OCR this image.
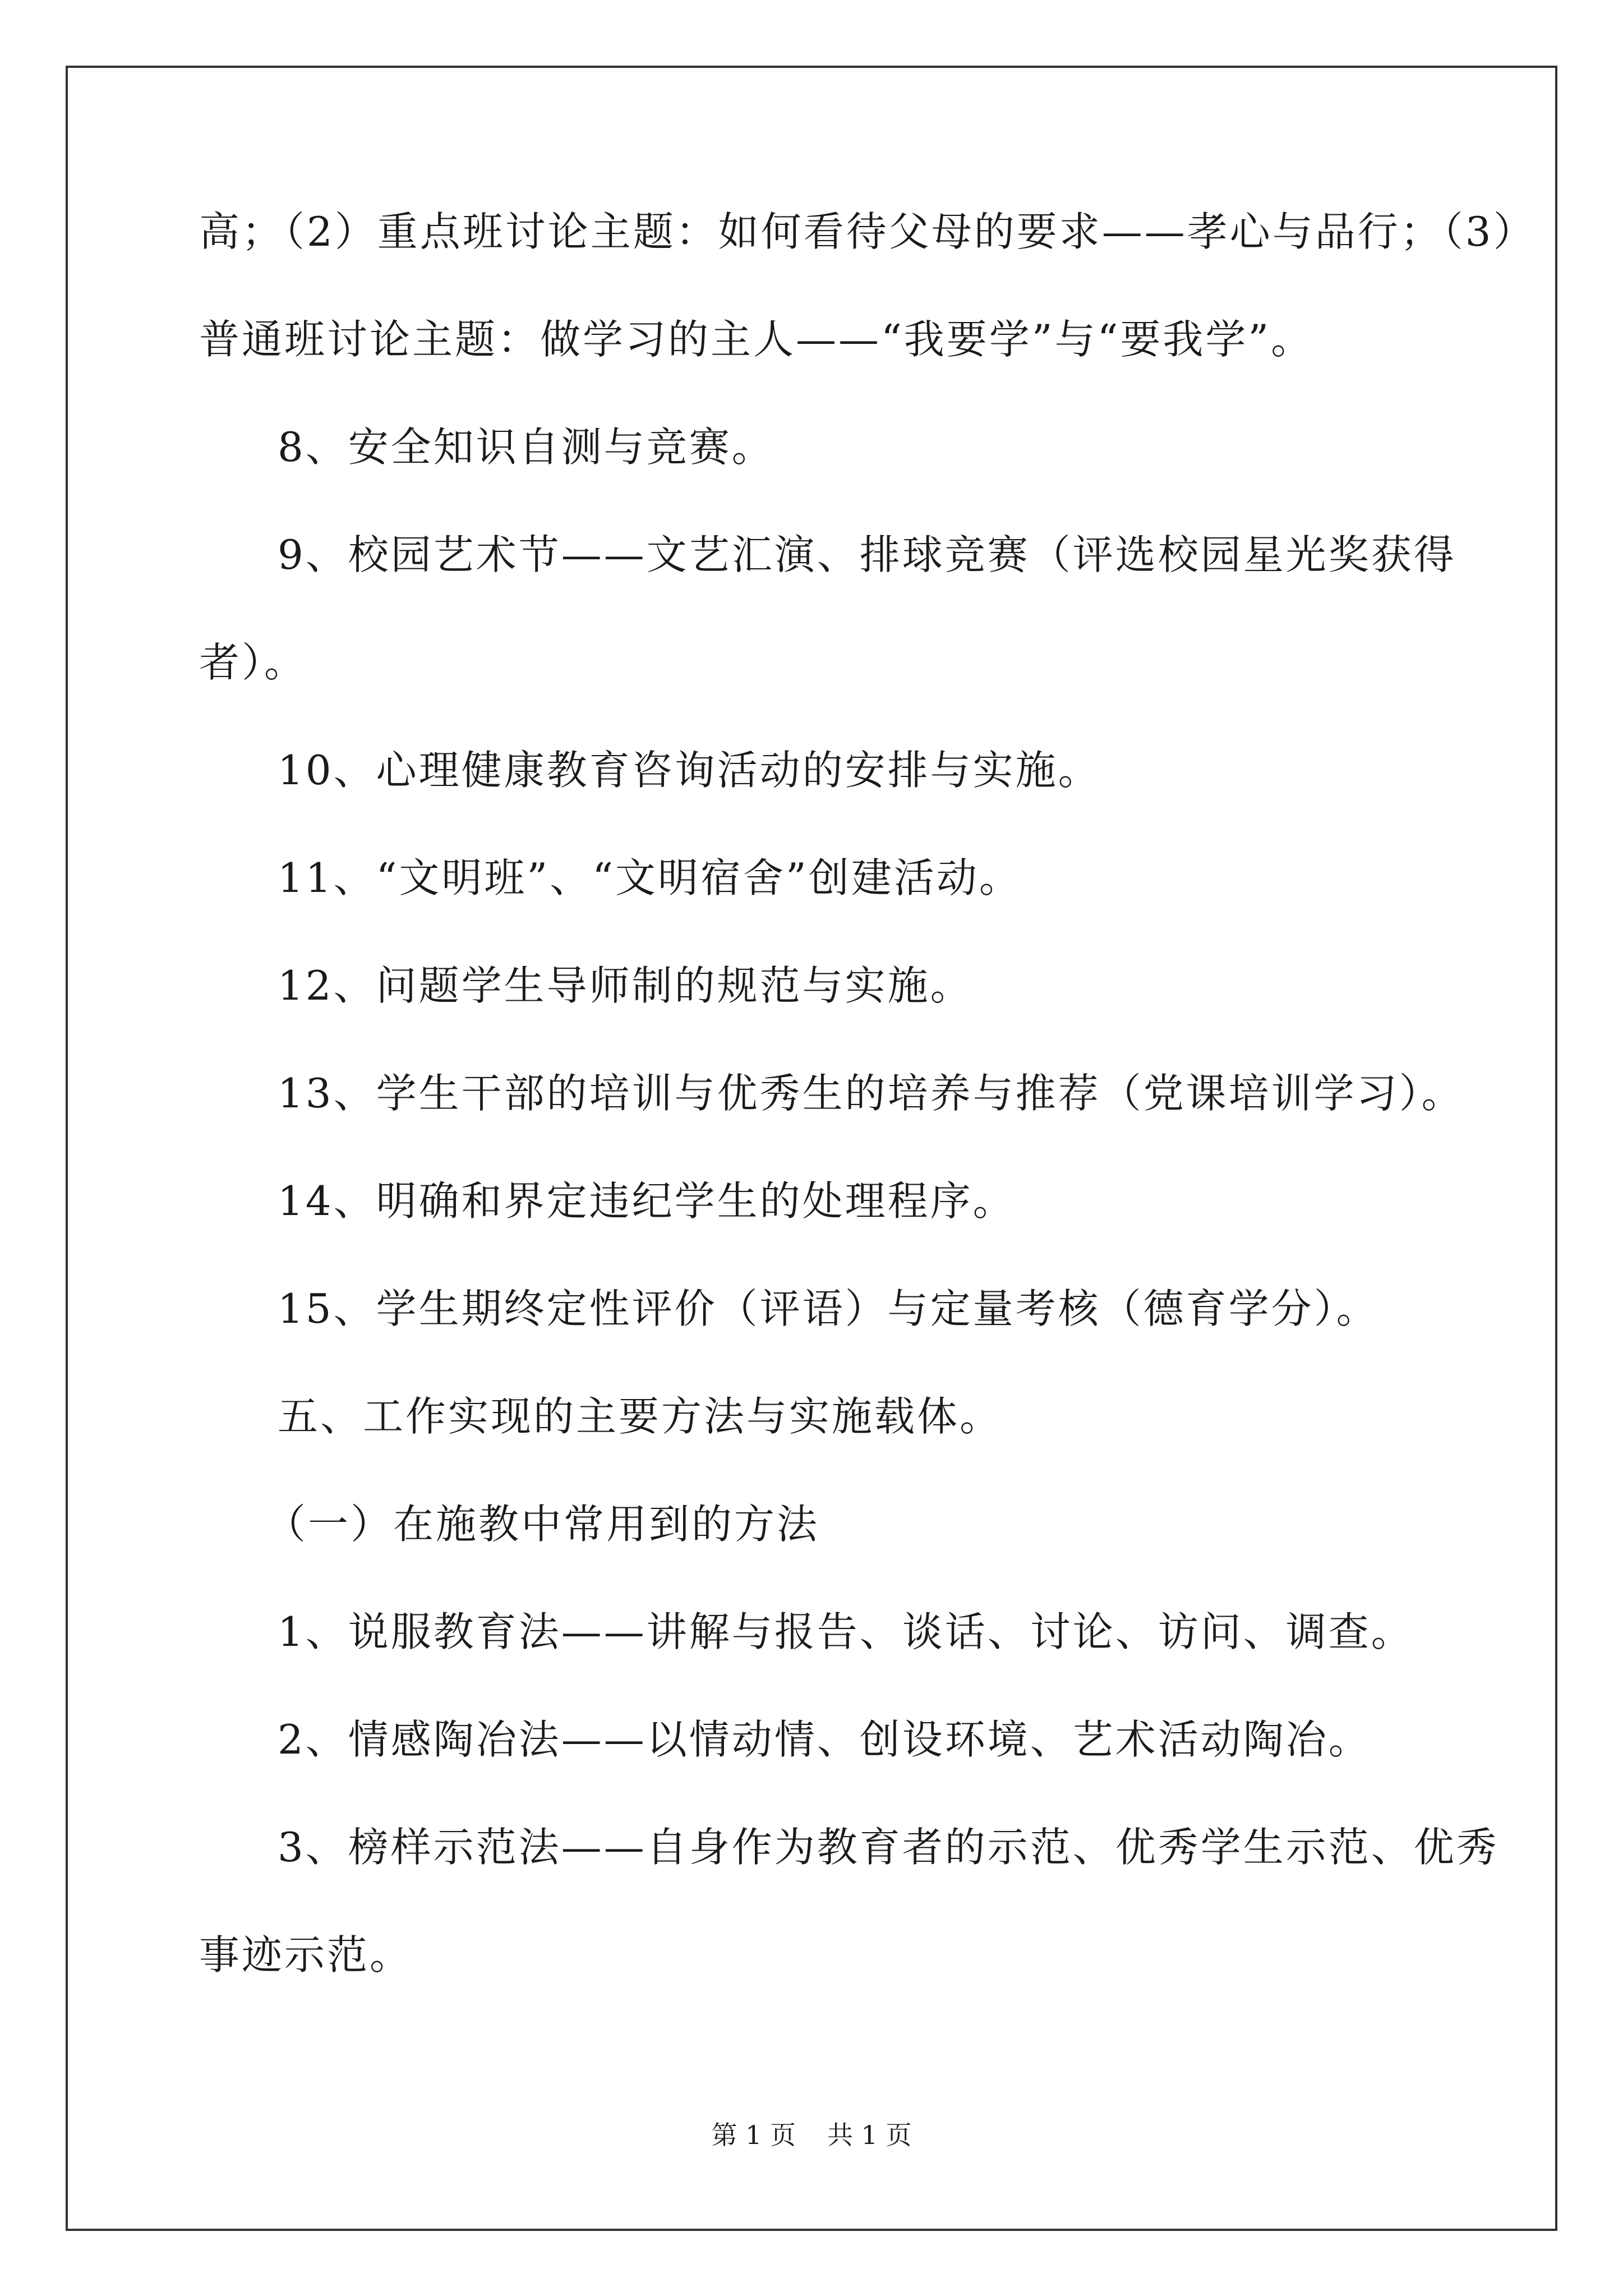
高；（2）重点班讨论主题：如何看待父母的要求——孝心与品行；（3）
普通班讨论主题：做学习的主人——“我要学”与“要我学”。
8、安全知识自测与竞赛。
9、校园艺术节——文艺汇演、排球竞赛（评选校园星光奖获得
者）。
10、心理健康教育咨询活动的安排与实施。
11、“文明班”、“文明宿舍”创建活动。
12、问题学生导师制的规范与实施。
13、学生干部的培训与优秀生的培养与推荐（党课培训学习）。
14、明确和界定违纪学生的处理程序。
15、学生期终定性评价（评语）与定量考核（德育学分）。
五、工作实现的主要方法与实施载体。
（一）在施教中常用到的方法
1、说服教育法——讲解与报告、谈话、讨论、访问、调查。
2、情感陶冶法——以情动情、创设环境、艺术活动陶冶。
3、榜样示范法——自身作为教育者的示范、优秀学生示范、优秀
事迹示范。
第 1 页 共 1 页
